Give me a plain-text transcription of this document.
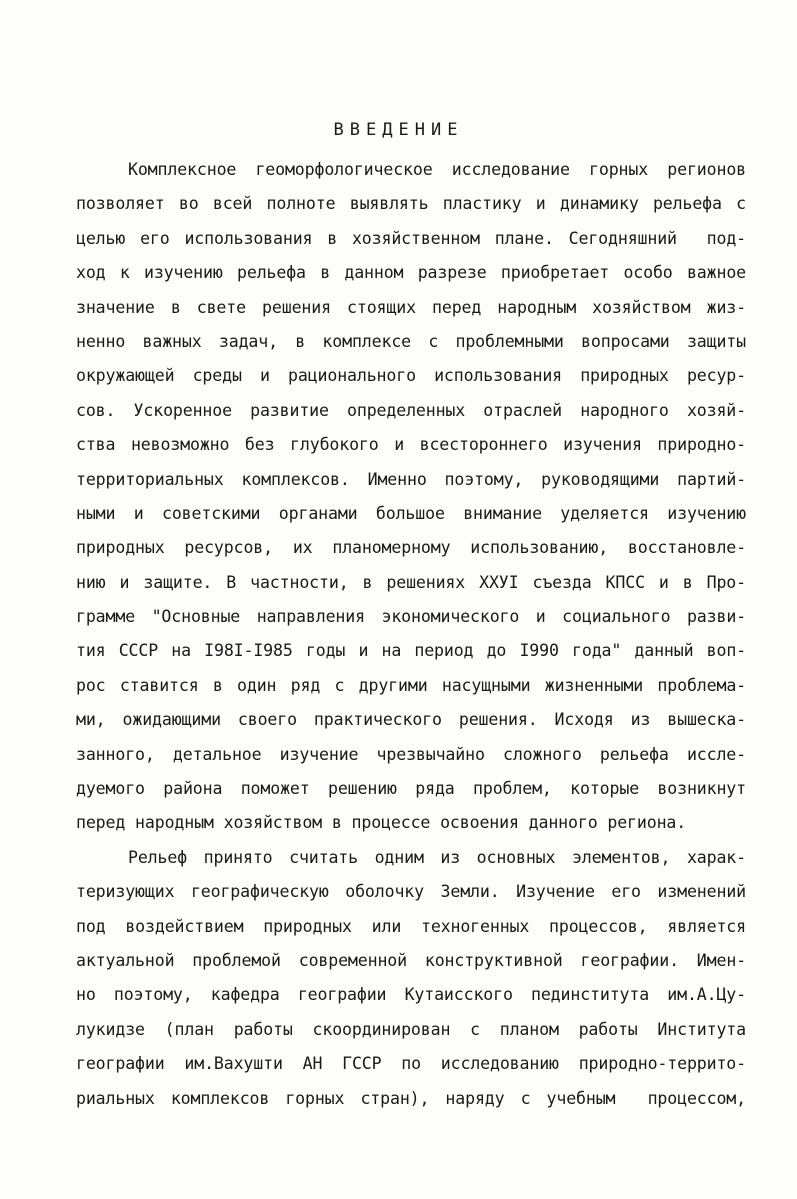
ВВЕДЕНИЕ
Комплексное геоморфологическое исследование горных регионов
позволяет во всей полноте выявлять пластику и динамику рельефа с
целью его использования в хозяйственном плане. Сегодняшний  под-
ход к изучению рельефа в данном разрезе приобретает особо важное
значение в свете решения стоящих перед народным хозяйством жиз-
ненно важных задач, в комплексе с проблемными вопросами защиты
окружающей среды и рационального использования природных ресур-
сов. Ускоренное развитие определенных отраслей народного хозяй-
ства невозможно без глубокого и всестороннего изучения природно-
территориальных комплексов. Именно поэтому, руководящими партий-
ными и советскими органами большое внимание уделяется изучению
природных ресурсов, их планомерному использованию, восстановле-
нию и защите. В частности, в решениях ХХУI съезда КПСС и в Про-
грамме "Основные направления экономического и социального разви-
тия СССР на I98I-I985 годы и на период до I990 года" данный воп-
рос ставится в один ряд с другими насущными жизненными проблема-
ми, ожидающими своего практического решения. Исходя из вышеска-
занного, детальное изучение чрезвычайно сложного рельефа иссле-
дуемого района поможет решению ряда проблем, которые возникнут
перед народным хозяйством в процессе освоения данного региона.
Рельеф принято считать одним из основных элементов, харак-
теризующих географическую оболочку Земли. Изучение его изменений
под воздействием природных или техногенных процессов, является
актуальной проблемой современной конструктивной географии. Имен-
но поэтому, кафедра географии Кутаисского пединститута им.А.Цу-
лукидзе (план работы скоординирован с планом работы Института
географии им.Вахушти АН ГССР по исследованию природно-террито-
риальных комплексов горных стран), наряду с учебным  процессом,
